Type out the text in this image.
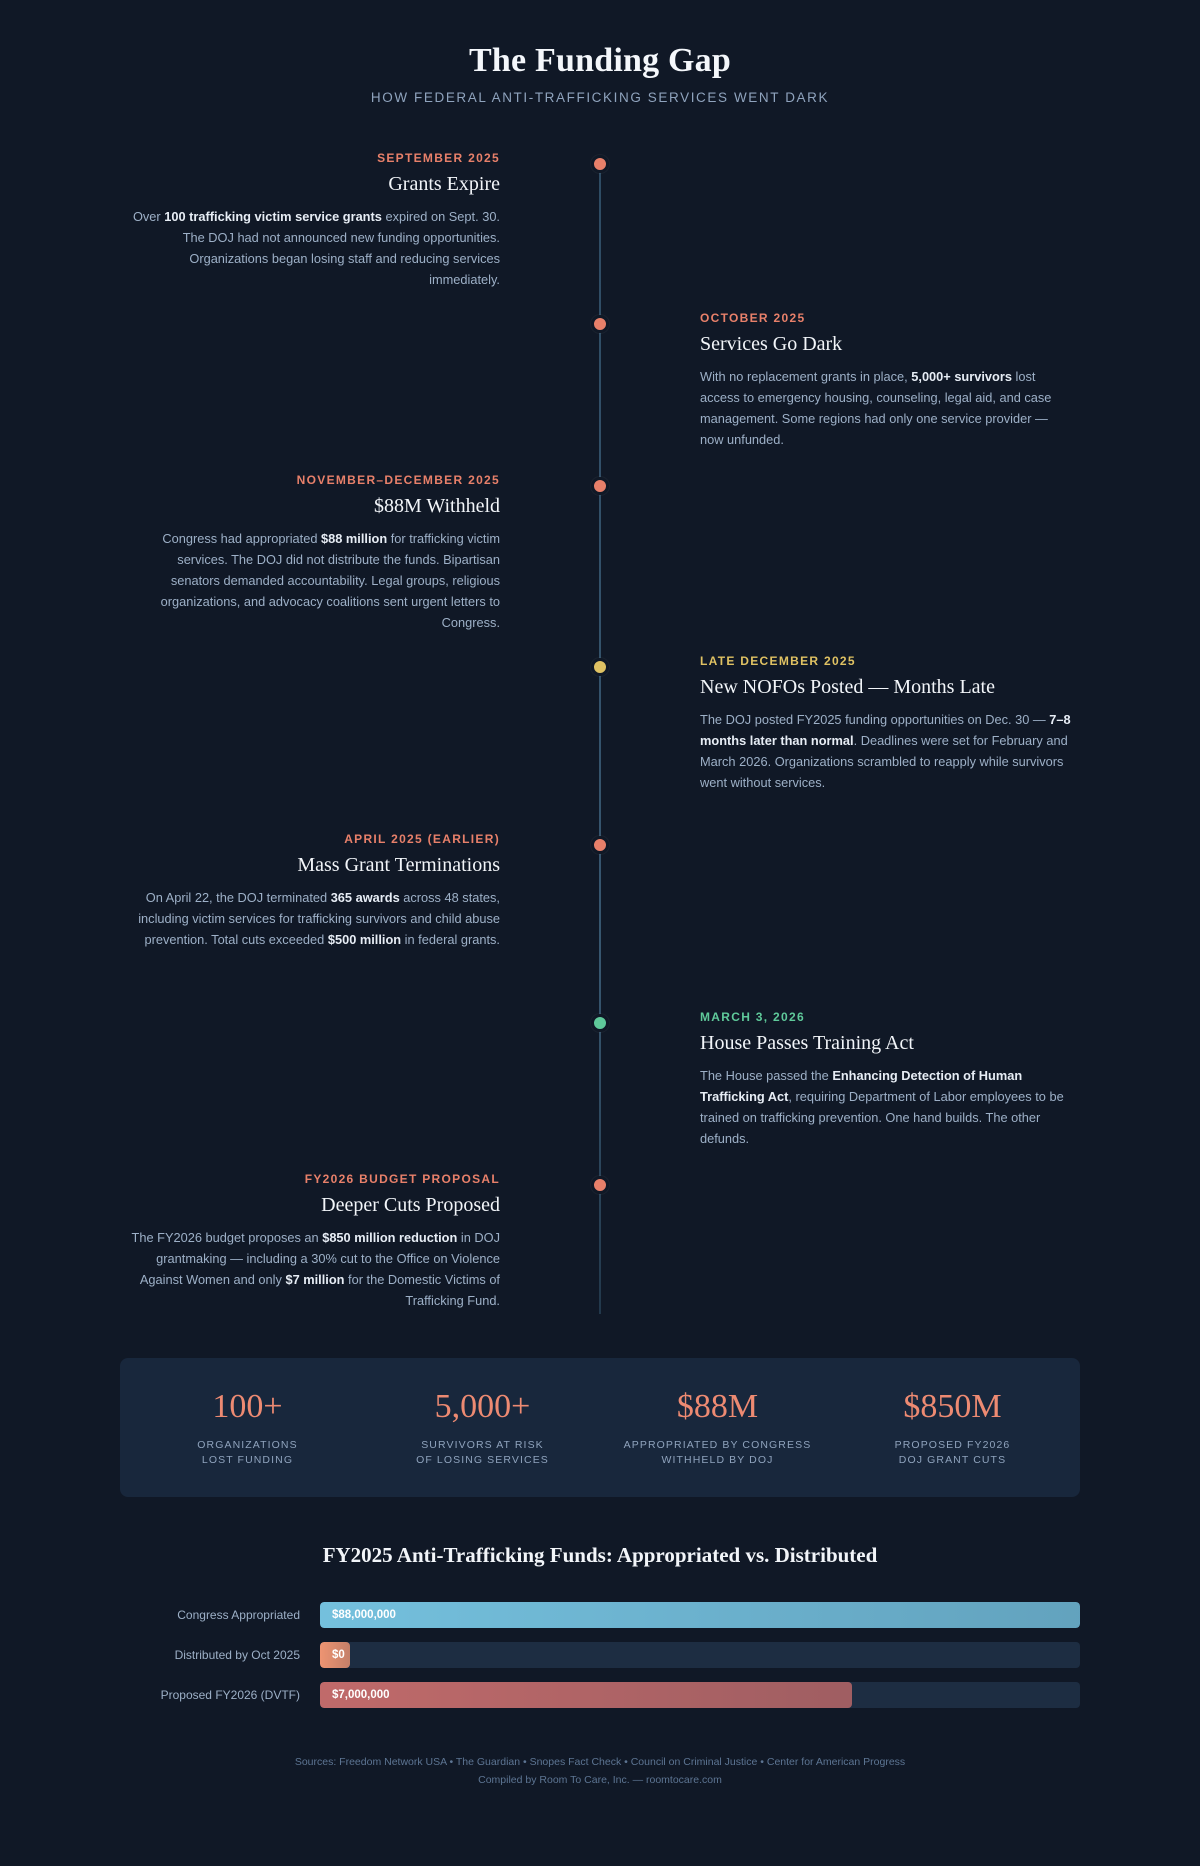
The Funding Gap
HOW FEDERAL ANTI-TRAFFICKING SERVICES WENT DARK
SEPTEMBER 2025
Grants Expire
Over 100 trafficking victim service grants expired on Sept. 30. The DOJ had not announced new funding opportunities. Organizations began losing staff and reducing services immediately.
OCTOBER 2025
Services Go Dark
With no replacement grants in place, 5,000+ survivors lost access to emergency housing, counseling, legal aid, and case management. Some regions had only one service provider — now unfunded.
NOVEMBER–DECEMBER 2025
$88M Withheld
Congress had appropriated $88 million for trafficking victim services. The DOJ did not distribute the funds. Bipartisan senators demanded accountability. Legal groups, religious organizations, and advocacy coalitions sent urgent letters to Congress.
LATE DECEMBER 2025
New NOFOs Posted — Months Late
The DOJ posted FY2025 funding opportunities on Dec. 30 — 7–8 months later than normal. Deadlines were set for February and March 2026. Organizations scrambled to reapply while survivors went without services.
APRIL 2025 (EARLIER)
Mass Grant Terminations
On April 22, the DOJ terminated 365 awards across 48 states, including victim services for trafficking survivors and child abuse prevention. Total cuts exceeded $500 million in federal grants.
MARCH 3, 2026
House Passes Training Act
The House passed the Enhancing Detection of Human Trafficking Act, requiring Department of Labor employees to be trained on trafficking prevention. One hand builds. The other defunds.
FY2026 BUDGET PROPOSAL
Deeper Cuts Proposed
The FY2026 budget proposes an $850 million reduction in DOJ grantmaking — including a 30% cut to the Office on Violence Against Women and only $7 million for the Domestic Victims of Trafficking Fund.
100+
ORGANIZATIONS
LOST FUNDING
5,000+
SURVIVORS AT RISK
OF LOSING SERVICES
$88M
APPROPRIATED BY CONGRESS
WITHHELD BY DOJ
$850M
PROPOSED FY2026
DOJ GRANT CUTS
FY2025 Anti-Trafficking Funds: Appropriated vs. Distributed
Congress Appropriated	$88,000,000
Distributed by Oct 2025	$0
Proposed FY2026 (DVTF)	$7,000,000
Sources: Freedom Network USA • The Guardian • Snopes Fact Check • Council on Criminal Justice • Center for American Progress
Compiled by Room To Care, Inc. — roomtocare.com
